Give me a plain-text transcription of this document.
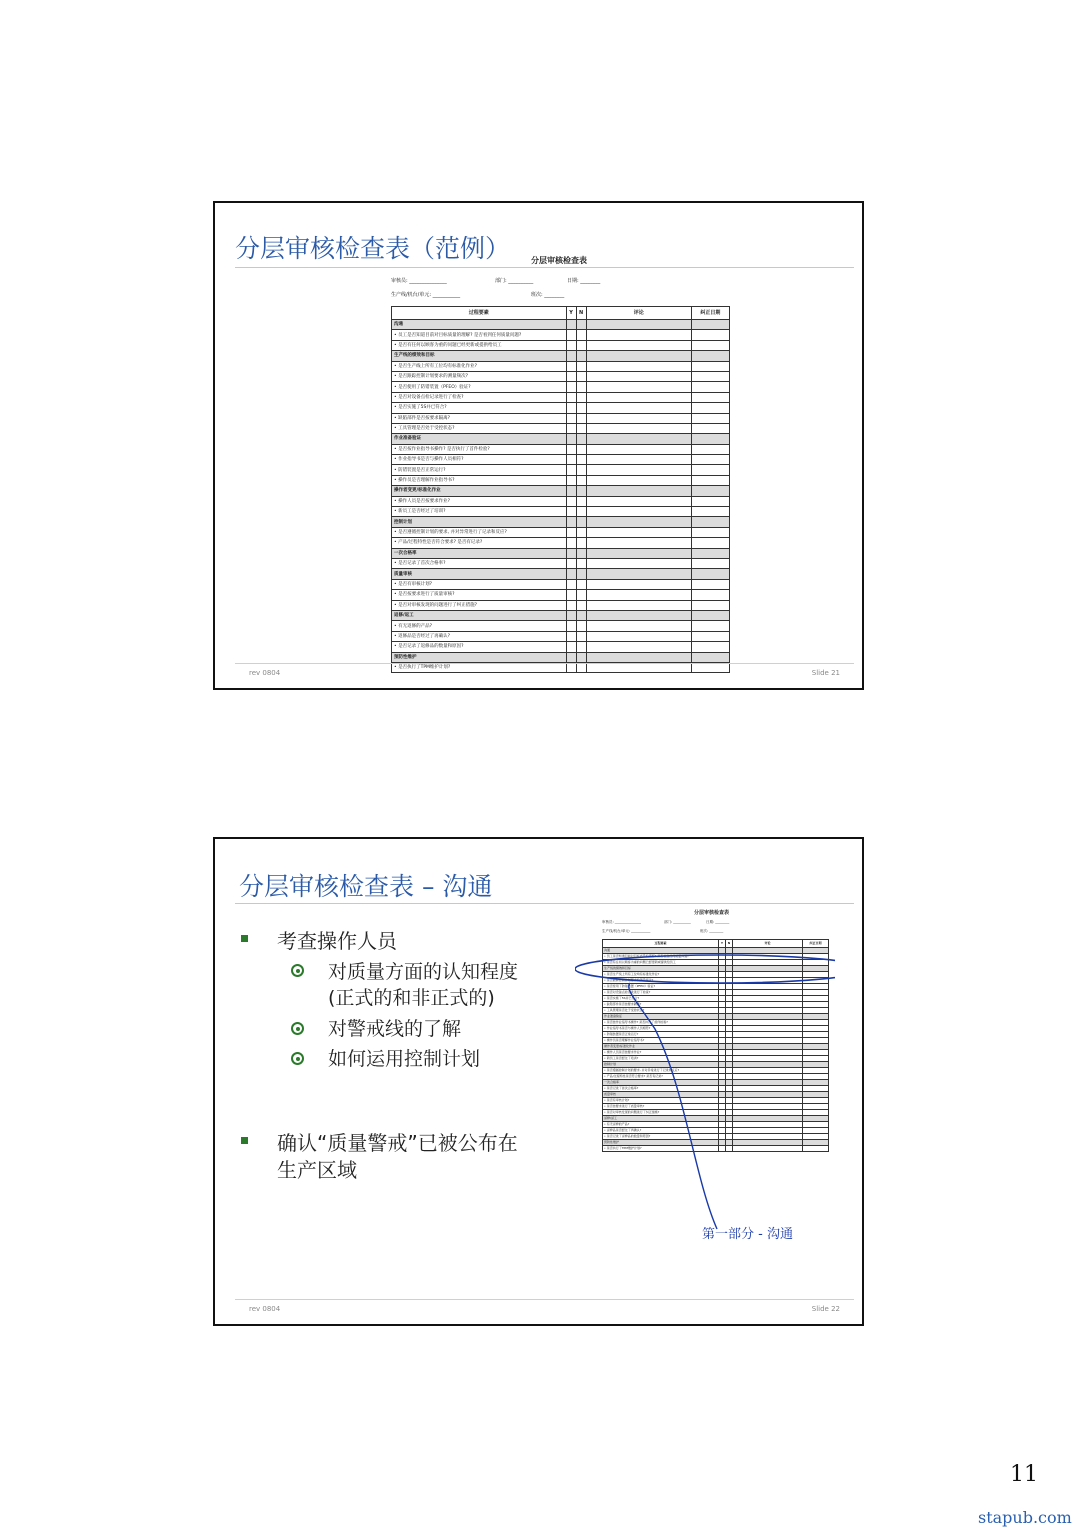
分层审核检查表（范例）	分层审核检查表
审核员: _______________	部门: __________	日期: ________
生产线/机台/单元: ___________	班次: ________
过程要素	Y	N	评论	纠正日期
沟通				
• 员工是否知道目前对目标质量的理解? 是否看到任何质量问题?				
• 是否有任何以顾客为重的问题已经更新或提供给员工				
生产线的绩效和目标				
• 是否生产线上所有工位均有标准化作业?				
• 是否跟踪控制计划要求的测量频次?				
• 是否使用了防错装置（PFEO）验证?				
• 是否对设备点检记录进行了检查?				
• 是否实施了5S并已符合?				
• 缺陷部件是否按要求隔离?				
• 工具管理是否处于受控状态?				
作业准备验证				
• 是否按作业指导书操作? 是否执行了首件检验?				
• 作业指导书是否与操作人员相符?				
• 防错装置是否正常运行?				
• 操作员是否理解作业指导书?				
操作者变更/标准化作业				
• 操作人员是否按要求作业?				
• 新员工是否经过了培训?				
控制计划				
• 是否遵循控制计划的要求, 并对异常进行了记录和反应?				
• 产品/过程特性是否符合要求? 是否有记录?				
一次合格率				
• 是否记录了首次合格率?				
质量审核				
• 是否有审核计划?				
• 是否按要求进行了质量审核?				
• 是否对审核发现的问题进行了纠正措施?				
返修/返工				
• 有无返修的产品?				
• 返修品是否经过了再确认?				
• 是否记录了返修品的数量和原因?				
预防性维护				
• 是否执行了TPM维护计划?				
rev 0804	Slide 21
分层审核检查表 – 沟通
考查操作人员
对质量方面的认知程度
(正式的和非正式的)
对警戒线的了解
如何运用控制计划
确认“质量警戒”已被公布在
生产区域
分层审核检查表
审核员: _______________	部门: __________	日期: ________
生产线/机台/单元: ___________	班次: ________
过程要素	Y	N	评论	纠正日期
沟通				
• 员工是否知道目前对目标质量的理解? 是否看到任何质量问题?				
• 是否有任何以顾客为重的问题已经更新或提供给员工				
生产线的绩效和目标				
• 是否生产线上所有工位均有标准化作业?				
• 是否跟踪控制计划要求的测量频次?				
• 是否使用了防错装置（PFEO）验证?				
• 是否对设备点检记录进行了检查?				
• 是否实施了5S并已符合?				
• 缺陷部件是否按要求隔离?				
• 工具管理是否处于受控状态?				
作业准备验证				
• 是否按作业指导书操作? 是否执行了首件检验?				
• 作业指导书是否与操作人员相符?				
• 防错装置是否正常运行?				
• 操作员是否理解作业指导书?				
操作者变更/标准化作业				
• 操作人员是否按要求作业?				
• 新员工是否经过了培训?				
控制计划				
• 是否遵循控制计划的要求, 并对异常进行了记录和反应?				
• 产品/过程特性是否符合要求? 是否有记录?				
一次合格率				
• 是否记录了首次合格率?				
质量审核				
• 是否有审核计划?				
• 是否按要求进行了质量审核?				
• 是否对审核发现的问题进行了纠正措施?				
返修/返工				
• 有无返修的产品?				
• 返修品是否经过了再确认?				
• 是否记录了返修品的数量和原因?				
预防性维护				
• 是否执行了TPM维护计划?				
第一部分 - 沟通
rev 0804	Slide 22
11
stapub.com
